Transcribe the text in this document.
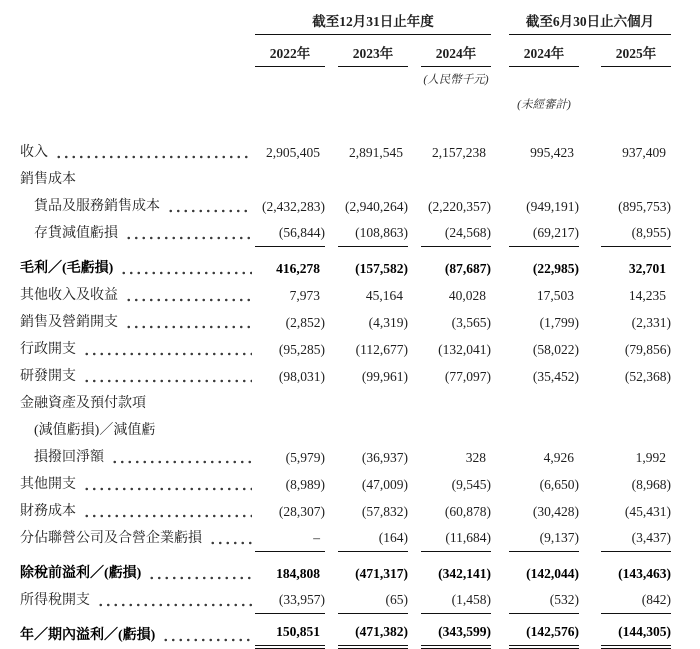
截至12月31日止年度	截至6月30日止六個月
2022年	2023年	2024年	2024年	2025年
(人民幣千元)
(未經審計)
收入	2,905,405	2,891,545	2,157,238	995,423	937,409
銷售成本
貨品及服務銷售成本	(2,432,283)	(2,940,264)	(2,220,357)	(949,191)	(895,753)
存貨減值虧損	(56,844)	(108,863)	(24,568)	(69,217)	(8,955)
毛利／(毛虧損)	416,278	(157,582)	(87,687)	(22,985)	32,701
其他收入及收益	7,973	45,164	40,028	17,503	14,235
銷售及營銷開支	(2,852)	(4,319)	(3,565)	(1,799)	(2,331)
行政開支	(95,285)	(112,677)	(132,041)	(58,022)	(79,856)
研發開支	(98,031)	(99,961)	(77,097)	(35,452)	(52,368)
金融資產及預付款項
(減值虧損)／減值虧
損撥回淨額	(5,979)	(36,937)	328	4,926	1,992
其他開支	(8,989)	(47,009)	(9,545)	(6,650)	(8,968)
財務成本	(28,307)	(57,832)	(60,878)	(30,428)	(45,431)
分佔聯營公司及合營企業虧損	–	(164)	(11,684)	(9,137)	(3,437)
除稅前溢利／(虧損)	184,808	(471,317)	(342,141)	(142,044)	(143,463)
所得稅開支	(33,957)	(65)	(1,458)	(532)	(842)
年／期內溢利／(虧損)	150,851	(471,382)	(343,599)	(142,576)	(144,305)
